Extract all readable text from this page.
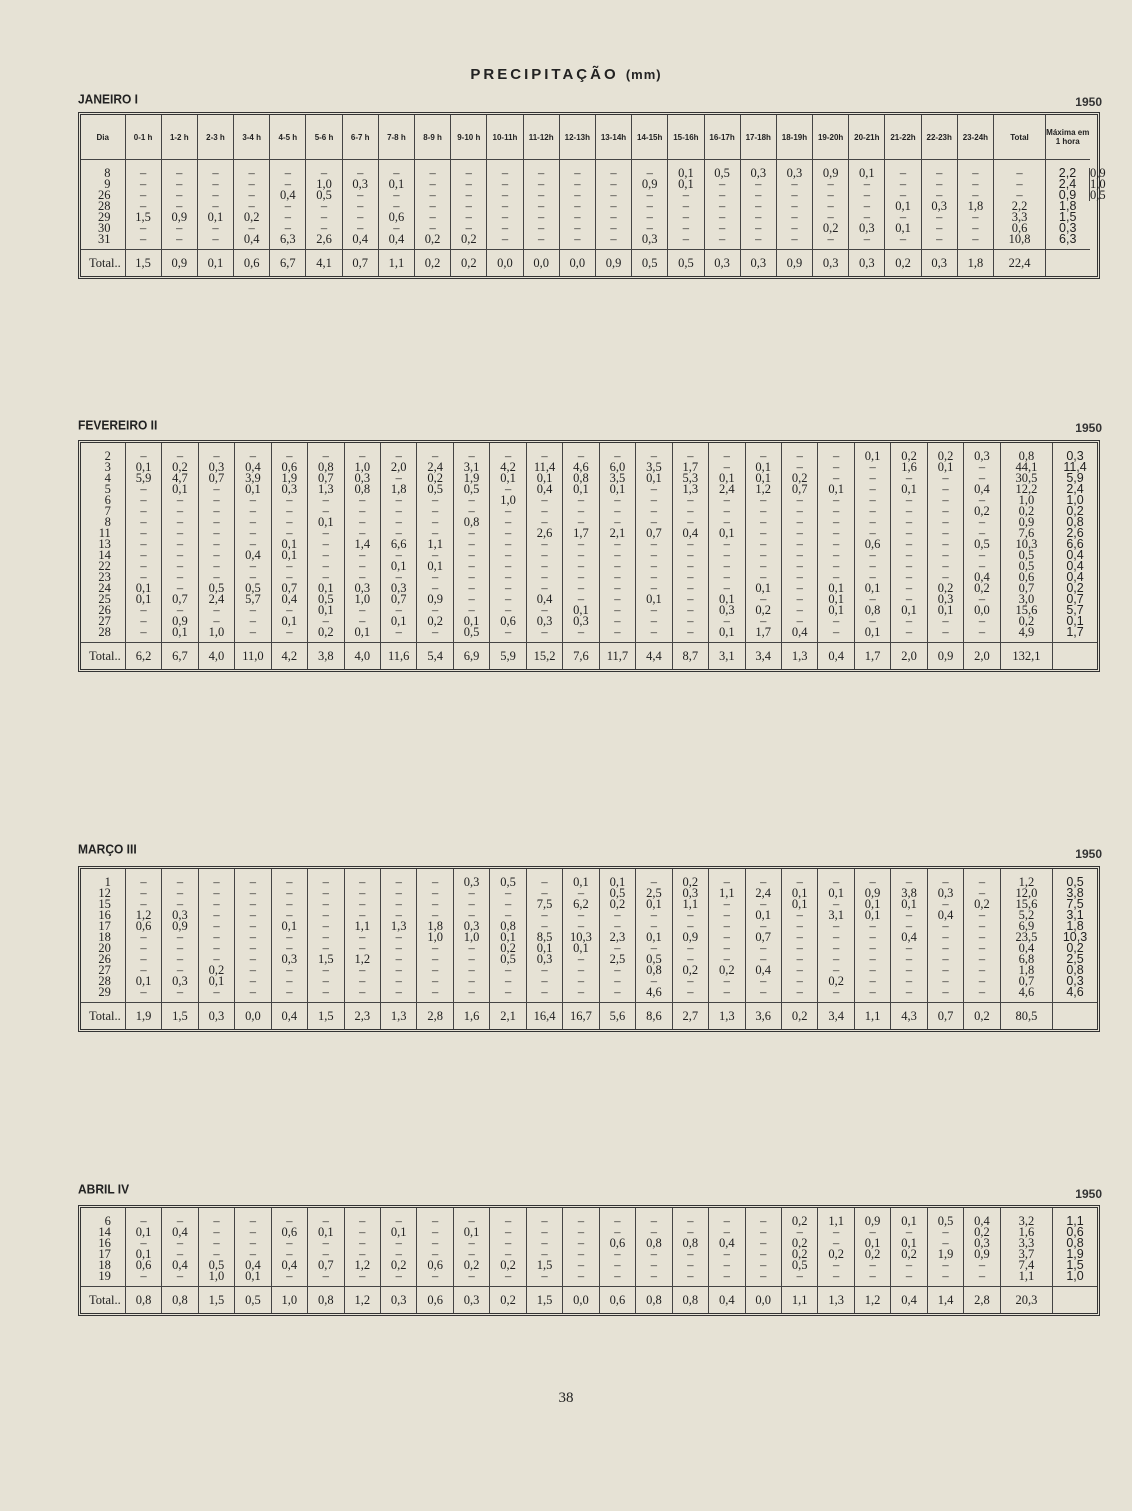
PRECIPITAÇÃO (mm)
JANEIRO I	1950
Dia	0-1 h	1-2 h	2-3 h	3-4 h	4-5 h	5-6 h	6-7 h	7-8 h	8-9 h	9-10 h	10-11h	11-12h	12-13h	13-14h	14-15h	15-16h	16-17h	17-18h	18-19h	19-20h	20-21h	21-22h	22-23h	23-24h	Total	Máxima em 1 hora	

8	–	–	–	–	–	–	–	–	–	–	–	–	–	–	–	0,1	0,5	0,3	0,3	0,9	0,1	–	–	–	–	2,2	0,9
9	–	–	–	–	–	1,0	0,3	0,1	–	–	–	–	–	–	0,9	0,1	–	–	–	–	–	–	–	–	–	2,4	1,0
26	–	–	–	–	0,4	0,5	–	–	–	–	–	–	–	–	–	–	–	–	–	–	–	–	–	–	–	0,9	0,5
28	–	–	–	–	–	–	–	–	–	–	–	–	–	–	–	–	–	–	–	–	–	0,1	0,3	1,8	2,2	1,8	
29	1,5	0,9	0,1	0,2	–	–	–	0,6	–	–	–	–	–	–	–	–	–	–	–	–	–	–	–	–	3,3	1,5	
30	–	–	–	–	–	–	–	–	–	–	–	–	–	–	–	–	–	–	–	0,2	0,3	0,1	–	–	0,6	0,3	
31	–	–	–	0,4	6,3	2,6	0,4	0,4	0,2	0,2	–	–	–	–	0,3	–	–	–	–	–	–	–	–	–	10,8	6,3	

Total..	1,5	0,9	0,1	0,6	6,7	4,1	0,7	1,1	0,2	0,2	0,0	0,0	0,0	0,9	0,5	0,5	0,3	0,3	0,9	0,3	0,3	0,2	0,3	1,8	22,4		
FEVEREIRO II	1950

2	–	–	–	–	–	–	–	–	–	–	–	–	–	–	–	–	–	–	–	–	0,1	0,2	0,2	0,3	0,8	0,3
3	0,1	0,2	0,3	0,4	0,6	0,8	1,0	2,0	2,4	3,1	4,2	11,4	4,6	6,0	3,5	1,7	–	0,1	–	–	–	1,6	0,1	–	44,1	11,4
4	5,9	4,7	0,7	3,9	1,9	0,7	0,3	–	0,2	1,9	0,1	0,1	0,8	3,5	0,1	5,3	0,1	0,1	0,2	–	–	–	–	–	30,5	5,9
5	–	0,1	–	0,1	0,3	1,3	0,8	1,8	0,5	0,5	–	0,4	0,1	0,1	–	1,3	2,4	1,2	0,7	0,1	–	0,1	–	0,4	12,2	2,4
6	–	–	–	–	–	–	–	–	–	–	1,0	–	–	–	–	–	–	–	–	–	–	–	–	–	1,0	1,0
7	–	–	–	–	–	–	–	–	–	–	–	–	–	–	–	–	–	–	–	–	–	–	–	0,2	0,2	0,2
8	–	–	–	–	–	0,1	–	–	–	0,8	–	–	–	–	–	–	–	–	–	–	–	–	–	–	0,9	0,8
11	–	–	–	–	–	–	–	–	–	–	–	2,6	1,7	2,1	0,7	0,4	0,1	–	–	–	–	–	–	–	7,6	2,6
13	–	–	–	–	0,1	–	1,4	6,6	1,1	–	–	–	–	–	–	–	–	–	–	–	0,6	–	–	0,5	10,3	6,6
14	–	–	–	0,4	0,1	–	–	–	–	–	–	–	–	–	–	–	–	–	–	–	–	–	–	–	0,5	0,4
22	–	–	–	–	–	–	–	0,1	0,1	–	–	–	–	–	–	–	–	–	–	–	–	–	–	–	0,5	0,4
23	–	–	–	–	–	–	–	–	–	–	–	–	–	–	–	–	–	–	–	–	–	–	–	0,4	0,6	0,4
24	0,1	–	0,5	0,5	0,7	0,1	0,3	0,3	–	–	–	–	–	–	–	–	–	0,1	–	0,1	0,1	–	0,2	0,2	0,7	0,2
25	0,1	0,7	2,4	5,7	0,4	0,5	1,0	0,7	0,9	–	–	0,4	–	–	0,1	–	0,1	–	–	0,1	–	–	0,3	–	3,0	0,7
26	–	–	–	–	–	0,1	–	–	–	–	–	–	0,1	–	–	–	0,3	0,2	–	0,1	0,8	0,1	0,1	0,0	15,6	5,7
27	–	0,9	–	–	0,1	–	–	0,1	0,2	0,1	0,6	0,3	0,3	–	–	–	–	–	–	–	–	–	–	–	0,2	0,1
28	–	0,1	1,0	–	–	0,2	0,1	–	–	0,5	–	–	–	–	–	–	0,1	1,7	0,4	–	0,1	–	–	–	4,9	1,7

Total..	6,2	6,7	4,0	11,0	4,2	3,8	4,0	11,6	5,4	6,9	5,9	15,2	7,6	11,7	4,4	8,7	3,1	3,4	1,3	0,4	1,7	2,0	0,9	2,0	132,1	
MARÇO III	1950

1	–	–	–	–	–	–	–	–	–	0,3	0,5	–	0,1	0,1	–	0,2	–	–	–	–	–	–	–	–	1,2	0,5
12	–	–	–	–	–	–	–	–	–	–	–	–	–	0,5	2,5	0,3	1,1	2,4	0,1	0,1	0,9	3,8	0,3	–	12,0	3,8
15	–	–	–	–	–	–	–	–	–	–	–	7,5	6,2	0,2	0,1	1,1	–	–	0,1	–	0,1	0,1	–	0,2	15,6	7,5
16	1,2	0,3	–	–	–	–	–	–	–	–	–	–	–	–	–	–	–	0,1	–	3,1	0,1	–	0,4	–	5,2	3,1
17	0,6	0,9	–	–	0,1	–	1,1	1,3	1,8	0,3	0,8	–	–	–	–	–	–	–	–	–	–	–	–	–	6,9	1,8
18	–	–	–	–	–	–	–	–	1,0	1,0	0,1	8,5	10,3	2,3	0,1	0,9	–	0,7	–	–	–	0,4	–	–	23,5	10,3
20	–	–	–	–	–	–	–	–	–	–	0,2	0,1	0,1	–	–	–	–	–	–	–	–	–	–	–	0,4	0,2
26	–	–	–	–	0,3	1,5	1,2	–	–	–	0,5	0,3	–	2,5	0,5	–	–	–	–	–	–	–	–	–	6,8	2,5
27	–	–	0,2	–	–	–	–	–	–	–	–	–	–	–	0,8	0,2	0,2	0,4	–	–	–	–	–	–	1,8	0,8
28	0,1	0,3	0,1	–	–	–	–	–	–	–	–	–	–	–	–	–	–	–	–	0,2	–	–	–	–	0,7	0,3
29	–	–	–	–	–	–	–	–	–	–	–	–	–	–	4,6	–	–	–	–	–	–	–	–	–	4,6	4,6

Total..	1,9	1,5	0,3	0,0	0,4	1,5	2,3	1,3	2,8	1,6	2,1	16,4	16,7	5,6	8,6	2,7	1,3	3,6	0,2	3,4	1,1	4,3	0,7	0,2	80,5	
ABRIL IV	1950

6	–	–	–	–	–	–	–	–	–	–	–	–	–	–	–	–	–	–	0,2	1,1	0,9	0,1	0,5	0,4	3,2	1,1
14	0,1	0,4	–	–	0,6	0,1	–	0,1	–	0,1	–	–	–	–	–	–	–	–	–	–	–	–	–	0,2	1,6	0,6
16	–	–	–	–	–	–	–	–	–	–	–	–	–	0,6	0,8	0,8	0,4	–	0,2	–	0,1	0,1	–	0,3	3,3	0,8
17	0,1	–	–	–	–	–	–	–	–	–	–	–	–	–	–	–	–	–	0,2	0,2	0,2	0,2	1,9	0,9	3,7	1,9
18	0,6	0,4	0,5	0,4	0,4	0,7	1,2	0,2	0,6	0,2	0,2	1,5	–	–	–	–	–	–	0,5	–	–	–	–	–	7,4	1,5
19	–	–	1,0	0,1	–	–	–	–	–	–	–	–	–	–	–	–	–	–	–	–	–	–	–	–	1,1	1,0

Total..	0,8	0,8	1,5	0,5	1,0	0,8	1,2	0,3	0,6	0,3	0,2	1,5	0,0	0,6	0,8	0,8	0,4	0,0	1,1	1,3	1,2	0,4	1,4	2,8	20,3	
38
